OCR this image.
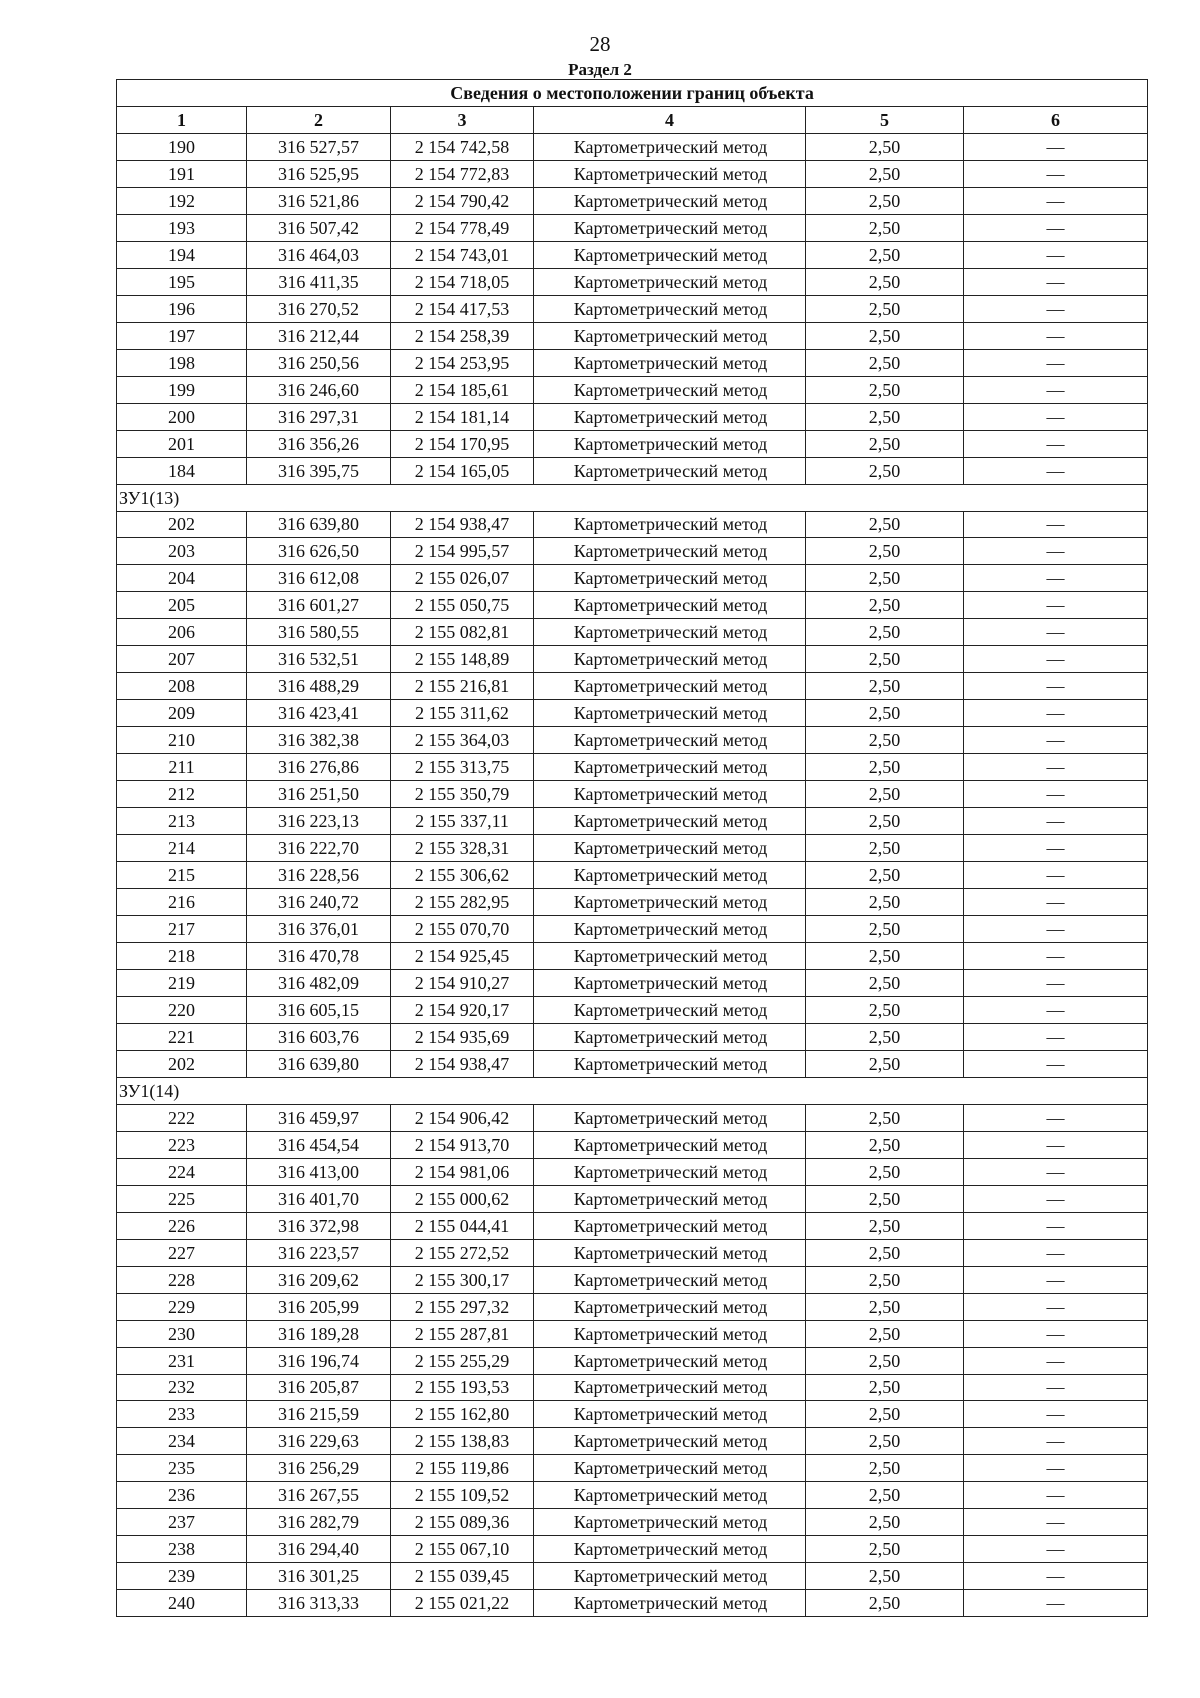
28
Раздел 2
Сведения о местоположении границ объекта					
1	2	3	4	5	6
190	316 527,57	2 154 742,58	Картометрический метод	2,50	—
191	316 525,95	2 154 772,83	Картометрический метод	2,50	—
192	316 521,86	2 154 790,42	Картометрический метод	2,50	—
193	316 507,42	2 154 778,49	Картометрический метод	2,50	—
194	316 464,03	2 154 743,01	Картометрический метод	2,50	—
195	316 411,35	2 154 718,05	Картометрический метод	2,50	—
196	316 270,52	2 154 417,53	Картометрический метод	2,50	—
197	316 212,44	2 154 258,39	Картометрический метод	2,50	—
198	316 250,56	2 154 253,95	Картометрический метод	2,50	—
199	316 246,60	2 154 185,61	Картометрический метод	2,50	—
200	316 297,31	2 154 181,14	Картометрический метод	2,50	—
201	316 356,26	2 154 170,95	Картометрический метод	2,50	—
184	316 395,75	2 154 165,05	Картометрический метод	2,50	—
ЗУ1(13)					
202	316 639,80	2 154 938,47	Картометрический метод	2,50	—
203	316 626,50	2 154 995,57	Картометрический метод	2,50	—
204	316 612,08	2 155 026,07	Картометрический метод	2,50	—
205	316 601,27	2 155 050,75	Картометрический метод	2,50	—
206	316 580,55	2 155 082,81	Картометрический метод	2,50	—
207	316 532,51	2 155 148,89	Картометрический метод	2,50	—
208	316 488,29	2 155 216,81	Картометрический метод	2,50	—
209	316 423,41	2 155 311,62	Картометрический метод	2,50	—
210	316 382,38	2 155 364,03	Картометрический метод	2,50	—
211	316 276,86	2 155 313,75	Картометрический метод	2,50	—
212	316 251,50	2 155 350,79	Картометрический метод	2,50	—
213	316 223,13	2 155 337,11	Картометрический метод	2,50	—
214	316 222,70	2 155 328,31	Картометрический метод	2,50	—
215	316 228,56	2 155 306,62	Картометрический метод	2,50	—
216	316 240,72	2 155 282,95	Картометрический метод	2,50	—
217	316 376,01	2 155 070,70	Картометрический метод	2,50	—
218	316 470,78	2 154 925,45	Картометрический метод	2,50	—
219	316 482,09	2 154 910,27	Картометрический метод	2,50	—
220	316 605,15	2 154 920,17	Картометрический метод	2,50	—
221	316 603,76	2 154 935,69	Картометрический метод	2,50	—
202	316 639,80	2 154 938,47	Картометрический метод	2,50	—
ЗУ1(14)					
222	316 459,97	2 154 906,42	Картометрический метод	2,50	—
223	316 454,54	2 154 913,70	Картометрический метод	2,50	—
224	316 413,00	2 154 981,06	Картометрический метод	2,50	—
225	316 401,70	2 155 000,62	Картометрический метод	2,50	—
226	316 372,98	2 155 044,41	Картометрический метод	2,50	—
227	316 223,57	2 155 272,52	Картометрический метод	2,50	—
228	316 209,62	2 155 300,17	Картометрический метод	2,50	—
229	316 205,99	2 155 297,32	Картометрический метод	2,50	—
230	316 189,28	2 155 287,81	Картометрический метод	2,50	—
231	316 196,74	2 155 255,29	Картометрический метод	2,50	—
232	316 205,87	2 155 193,53	Картометрический метод	2,50	—
233	316 215,59	2 155 162,80	Картометрический метод	2,50	—
234	316 229,63	2 155 138,83	Картометрический метод	2,50	—
235	316 256,29	2 155 119,86	Картометрический метод	2,50	—
236	316 267,55	2 155 109,52	Картометрический метод	2,50	—
237	316 282,79	2 155 089,36	Картометрический метод	2,50	—
238	316 294,40	2 155 067,10	Картометрический метод	2,50	—
239	316 301,25	2 155 039,45	Картометрический метод	2,50	—
240	316 313,33	2 155 021,22	Картометрический метод	2,50	—
